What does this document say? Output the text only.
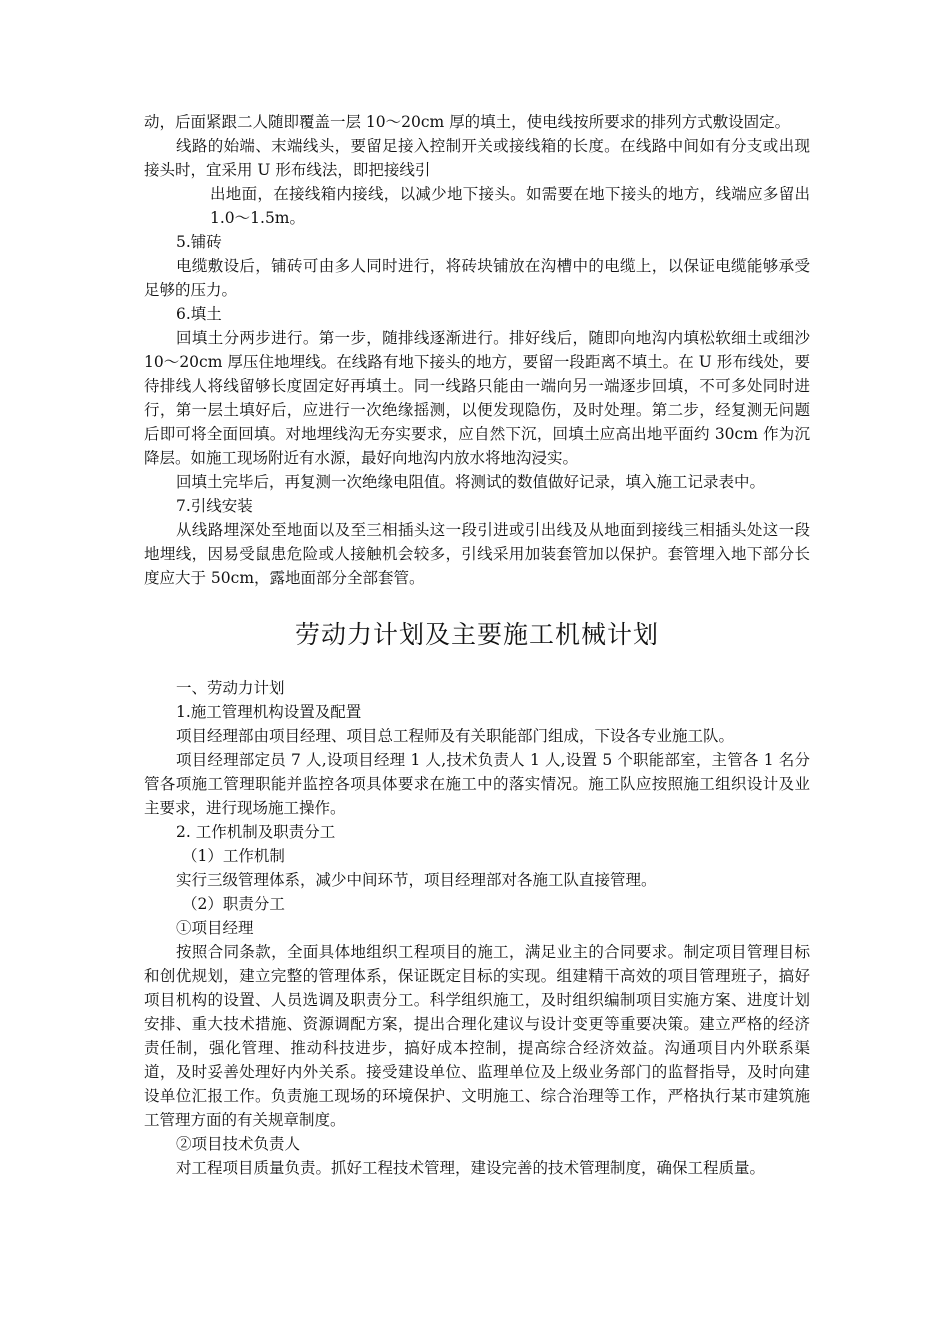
动，后面紧跟二人随即覆盖一层 10～20cm 厚的填土，使电线按所要求的排列方式敷设固定。

线路的始端、末端线头，要留足接入控制开关或接线箱的长度。在线路中间如有分支或出现接头时，宜采用 U 形布线法，即把接线引

出地面，在接线箱内接线，以减少地下接头。如需要在地下接头的地方，线端应多留出 1.0～1.5m。

5.铺砖

电缆敷设后，铺砖可由多人同时进行，将砖块铺放在沟槽中的电缆上，以保证电缆能够承受足够的压力。

6.填土

回填土分两步进行。第一步，随排线逐渐进行。排好线后，随即向地沟内填松软细土或细沙 10～20cm 厚压住地埋线。在线路有地下接头的地方，要留一段距离不填土。在 U 形布线处，要待排线人将线留够长度固定好再填土。同一线路只能由一端向另一端逐步回填，不可多处同时进行，第一层土填好后，应进行一次绝缘摇测，以便发现隐伤，及时处理。第二步，经复测无问题后即可将全面回填。对地埋线沟无夯实要求，应自然下沉，回填土应高出地平面约 30cm 作为沉降层。如施工现场附近有水源，最好向地沟内放水将地沟浸实。

回填土完毕后，再复测一次绝缘电阻值。将测试的数值做好记录，填入施工记录表中。

7.引线安装

从线路埋深处至地面以及至三相插头这一段引进或引出线及从地面到接线三相插头处这一段地埋线，因易受鼠患危险或人接触机会较多，引线采用加装套管加以保护。套管埋入地下部分长度应大于 50cm，露地面部分全部套管。

劳动力计划及主要施工机械计划

一、劳动力计划

1.施工管理机构设置及配置

项目经理部由项目经理、项目总工程师及有关职能部门组成，下设各专业施工队。

项目经理部定员 7 人,设项目经理 1 人,技术负责人 1 人,设置 5 个职能部室，主管各 1 名分管各项施工管理职能并监控各项具体要求在施工中的落实情况。施工队应按照施工组织设计及业主要求，进行现场施工操作。

2. 工作机制及职责分工

（1）工作机制

实行三级管理体系，减少中间环节，项目经理部对各施工队直接管理。

（2）职责分工

①项目经理

按照合同条款，全面具体地组织工程项目的施工，满足业主的合同要求。制定项目管理目标和创优规划，建立完整的管理体系，保证既定目标的实现。组建精干高效的项目管理班子，搞好项目机构的设置、人员选调及职责分工。科学组织施工，及时组织编制项目实施方案、进度计划安排、重大技术措施、资源调配方案，提出合理化建议与设计变更等重要决策。建立严格的经济责任制，强化管理、推动科技进步，搞好成本控制，提高综合经济效益。沟通项目内外联系渠道，及时妥善处理好内外关系。接受建设单位、监理单位及上级业务部门的监督指导，及时向建设单位汇报工作。负责施工现场的环境保护、文明施工、综合治理等工作，严格执行某市建筑施工管理方面的有关规章制度。

②项目技术负责人

对工程项目质量负责。抓好工程技术管理，建设完善的技术管理制度，确保工程质量。
